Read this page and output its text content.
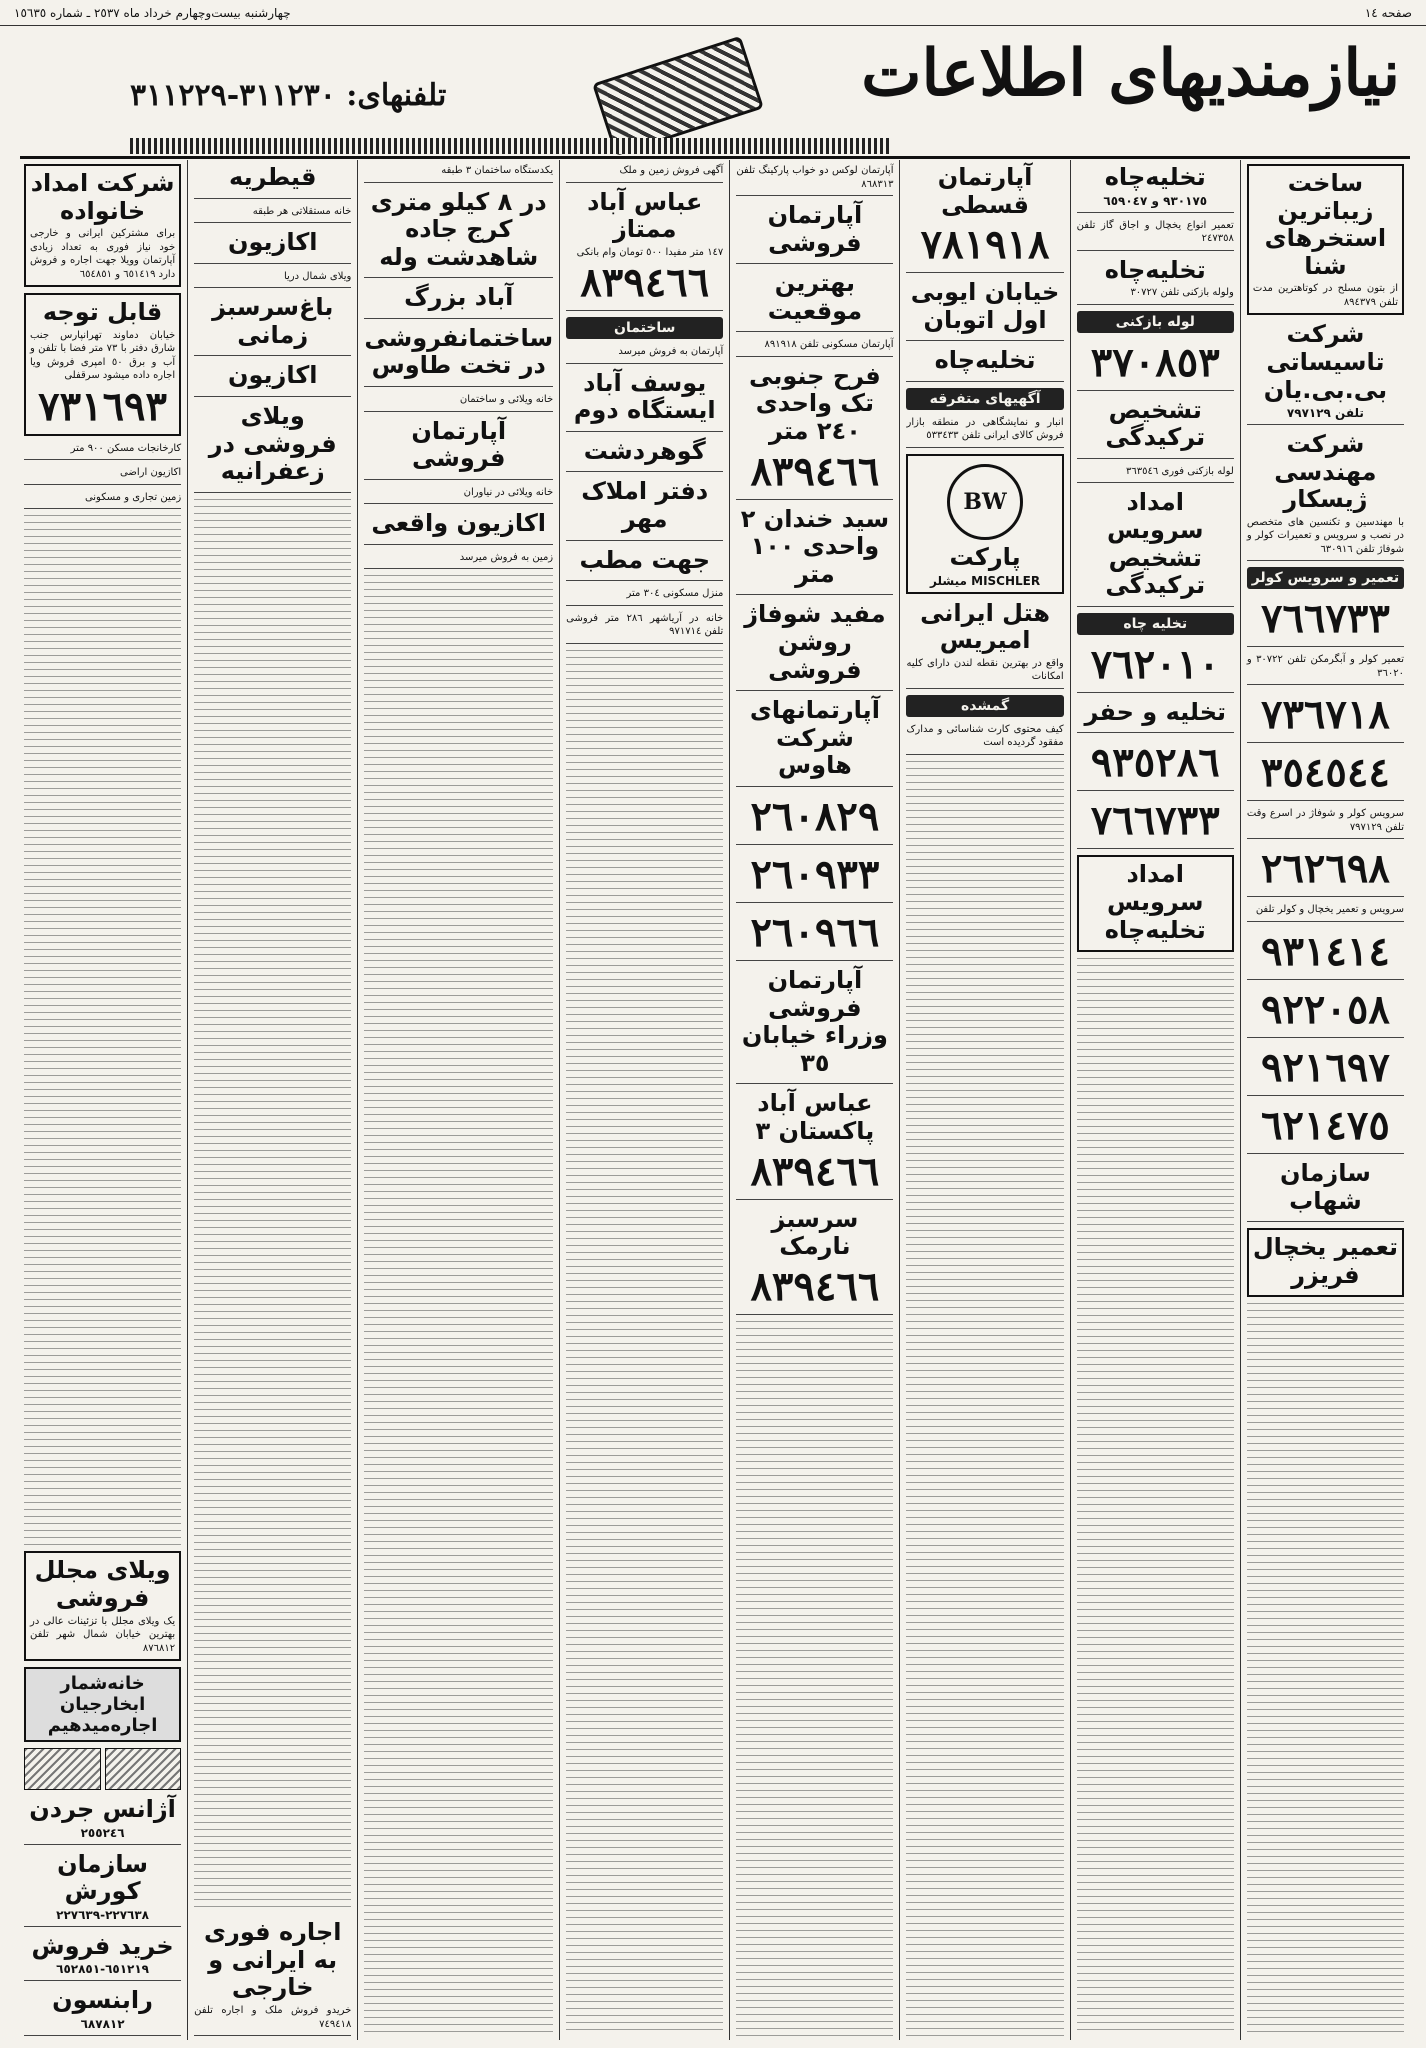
صفحه ١٤
چهارشنبه بیست‌وچهارم خرداد ماه ٢٥٣٧ ـ شماره ١٥٦٣٥
نیازمندیهای اطلاعات
تلفنهای: ٣١١٢٣٠-٣١١٢٢٩
ساخت زیباترین استخرهای شنا

از بتون مسلح در کوتاهترین مدت تلفن ٨٩٤٣٧٩

شرکت تاسیساتی بی.بی.یان
تلفن ٧٩٧١٢٩
شرکت مهندسی ژیسکار

با مهندسین و تکنسین های متخصص در نصب و سرویس و تعمیرات کولر و شوفاژ تلفن ٦٣٠٩١٦

تعمیر و سرویس کولر
٧٦٦٧٣٣

تعمیر کولر و آبگرمکن تلفن ٣٠٧٢٢ و ٣٦٠٢٠

٧٣٦٧١٨
٣٥٤٥٤٤

سرویس کولر و شوفاژ در اسرع وقت تلفن ٧٩٧١٢٩

٢٦٢٦٩٨

سرویس و تعمیر یخچال و کولر تلفن

٩٣١٤١٤
٩٢٢٠٥٨
٩٢١٦٩٧
٦٢١٤٧٥
سازمان شهاب
تعمیر یخچال فریزر
تخلیه‌چاه
٩٣٠١٧٥ و ٦٥٩٠٤٧

تعمیر انواع یخچال و اجاق گاز تلفن ٢٤٧٣٥٨

تخلیه‌چاه

ولوله بازکنی تلفن ٣٠٧٢٧

لوله بازکنی
٣٧٠٨٥٣
تشخیص ترکیدگی

لوله بازکنی فوری ٣٦٣٥٤٦

امداد سرویس تشخیص ترکیدگی
تخلیه چاه
٧٦٢٠١٠
تخلیه و حفر
٩٣٥٢٨٦
٧٦٦٧٣٣
امداد سرویس تخلیه‌چاه
آپارتمان قسطی
٧٨١٩١٨
خیابان ایوبی اول اتوبان
تخلیه‌چاه
آگهیهای متفرقه

انبار و نمایشگاهی در منطقه بازار فروش کالای ایرانی تلفن ٥٣٣٤٣٣

BW
پارکت
MISCHLER میشلر
هتل ایرانی امیریس

واقع در بهترین نقطه لندن دارای کلیه امکانات

گمشده

کیف محتوی کارت شناسائی و مدارک مفقود گردیده است

آپارتمان لوکس دو خواب پارکینگ تلفن ٨٦٨٣١٣

آپارتمان فروشی
بهترین موقعیت

آپارتمان مسکونی تلفن ٨٩١٩١٨

فرح جنوبی تک واحدی ٢٤٠ متر
٨٣٩٤٦٦
سید خندان ٢ واحدی ١٠٠ متر
مفید شوفاژ روشن فروشی
آپارتمانهای شرکت هاوس
٢٦٠٨٢٩
٢٦٠٩٣٣
٢٦٠٩٦٦
آپارتمان فروشی وزراء خیابان ٣٥
عباس آباد پاکستان ٣
٨٣٩٤٦٦
سرسبز نارمک
٨٣٩٤٦٦

آگهی فروش زمین و ملک

عباس آباد ممتاز

١٤٧ متر مفیدا ٥٠٠ تومان وام بانکی

٨٣٩٤٦٦
ساختمان

آپارتمان به فروش میرسد

یوسف آباد ایستگاه دوم
گوهردشت
دفتر املاک مهر
جهت مطب

منزل مسکونی ٣٠٤ متر

خانه در آریاشهر ٢٨٦ متر فروشی تلفن ٩٧١٧١٤

یکدستگاه ساختمان ٣ طبقه

در ٨ کیلو متری کرج جاده شاهدشت وله
آباد بزرگ
ساختمانفروشی در تخت طاوس

خانه ویلائی و ساختمان

آپارتمان فروشی

خانه ویلائی در نیاوران

اکازیون واقعی

زمین به فروش میرسد

قیطریه

خانه مستقلاتی هر طبقه

اکازیون

ویلای شمال دریا

باغ‌سرسبز زمانی
اکازیون
ویلای فروشی در زعفرانیه
اجاره فوری به ایرانی و خارجی

خریدو فروش ملک و اجاره تلفن ٧٤٩٤١٨

شرکت امداد خانواده

برای مشترکین ایرانی و خارجی خود نیاز فوری به تعداد زیادی آپارتمان وویلا جهت اجاره و فروش دارد ٦٥١٤١٩ و ٦٥٤٨٥١

قابل توجه

خیابان دماوند تهرانپارس جنب شارق دفتر با ٧٣ متر فضا با تلفن و آب و برق ٥٠ امپری فروش ویا اجاره داده میشود سرقفلی

٧٣١٦٩٣

کارخانجات مسکن ٩٠٠ متر

اکازیون اراضی

زمین تجاری و مسکونی

ویلای مجلل فروشی

یک ویلای مجلل با تزئینات عالی در بهترین خیابان شمال شهر تلفن ٨٧٦٨١٢

خانه‌شمار ابخارجیان اجاره‌میدهیم
آژانس جردن
٢٥٥٢٤٦
سازمان کورش
٢٢٧٦٣٨-٢٢٧٦٣٩
خرید فروش
٦٥١٢١٩-٦٥٢٨٥١
رابنسون
٦٨٧٨١٢
